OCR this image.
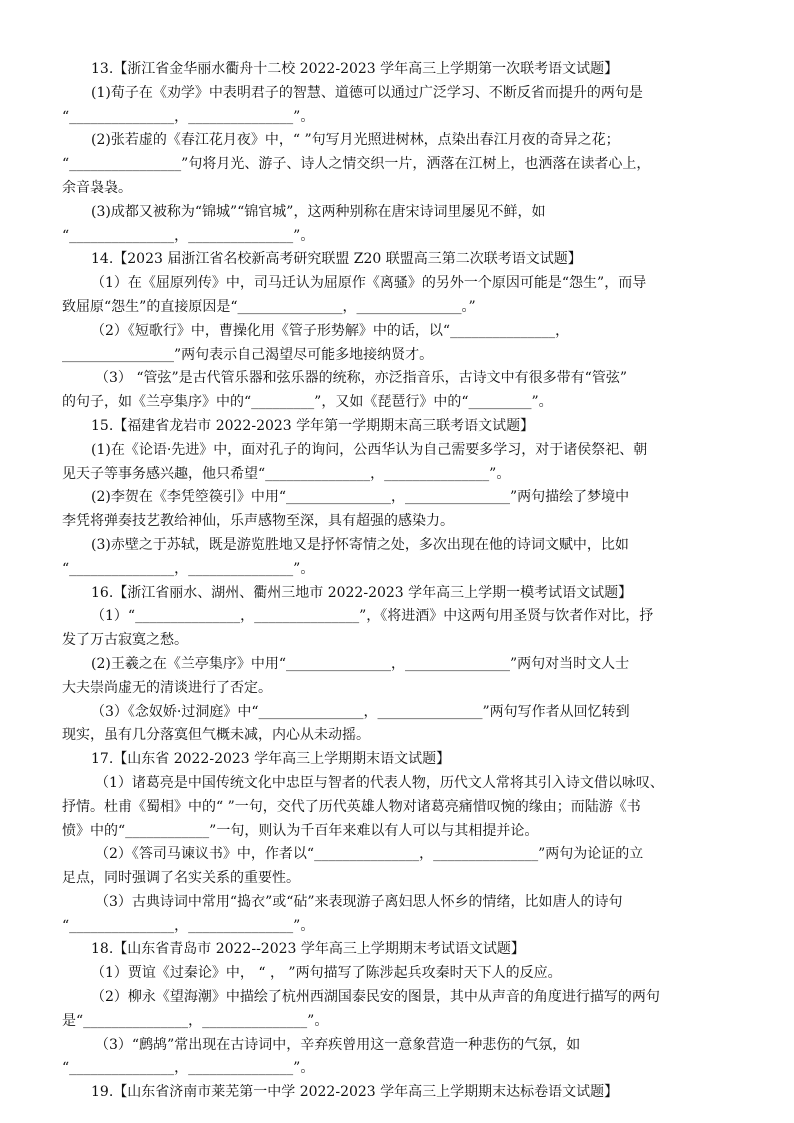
13.【浙江省金华丽水衢舟十二校 2022-2023 学年高三上学期第一次联考语文试题】
(1)荀子在《劝学》中表明君子的智慧、道德可以通过广泛学习、不断反省而提升的两句是
“_______________，_______________”。
(2)张若虚的《春江花月夜》中，“ ”句写月光照进树林，点染出春江月夜的奇异之花；
“________________”句将月光、游子、诗人之情交织一片，洒落在江树上，也洒落在读者心上，
余音袅袅。
(3)成都又被称为“锦城”“锦官城”，这两种别称在唐宋诗词里屡见不鲜，如
“_______________，_______________”。
14.【2023 届浙江省名校新高考研究联盟 Z20 联盟高三第二次联考语文试题】
（1）在《屈原列传》中，司马迁认为屈原作《离骚》的另外一个原因可能是“怨生”，而导
致屈原“怨生”的直接原因是“_______________，_______________。”
（2）《短歌行》中，曹操化用《管子形势解》中的话，以“_______________，
________________”两句表示自己渴望尽可能多地接纳贤才。
（3） “管弦”是古代管乐器和弦乐器的统称，亦泛指音乐，古诗文中有很多带有“管弦”
的句子，如《兰亭集序》中的“_________”，又如《琵琶行》中的“_________”。
15.【福建省龙岩市 2022-2023 学年第一学期期末高三联考语文试题】
(1)在《论语·先进》中，面对孔子的询问，公西华认为自己需要多学习，对于诸侯祭祀、朝
见天子等事务感兴趣，他只希望“_______________，_______________”。
(2)李贺在《李凭箜篌引》中用“_______________，_______________”两句描绘了梦境中
李凭将弹奏技艺教给神仙，乐声感物至深，具有超强的感染力。
(3)赤壁之于苏轼，既是游览胜地又是抒怀寄情之处，多次出现在他的诗词文赋中，比如
“_______________，_______________”。
16.【浙江省丽水、湖州、衢州三地市 2022-2023 学年高三上学期一模考试语文试题】
（1）“_______________，_______________”，《将进酒》中这两句用圣贤与饮者作对比，抒
发了万古寂寞之愁。
(2)王羲之在《兰亭集序》中用“_______________，_______________”两句对当时文人士
大夫崇尚虚无的清谈进行了否定。
（3）《念奴娇·过洞庭》中“_______________，_______________”两句写作者从回忆转到
现实，虽有几分落寞但气概未减，内心从未动摇。
17.【山东省 2022-2023 学年高三上学期期末语文试题】
（1）诸葛亮是中国传统文化中忠臣与智者的代表人物，历代文人常将其引入诗文借以咏叹、
抒情。杜甫《蜀相》中的“ ”一句，交代了历代英雄人物对诸葛亮痛惜叹惋的缘由；而陆游《书
愤》中的“____________”一句，则认为千百年来难以有人可以与其相提并论。
（2）《答司马谏议书》中，作者以“_______________，_______________”两句为论证的立
足点，同时强调了名实关系的重要性。
（3）古典诗词中常用“捣衣”或“砧”来表现游子离妇思人怀乡的情绪，比如唐人的诗句
“_______________，_______________”。
18.【山东省青岛市 2022--2023 学年高三上学期期末考试语文试题】
（1）贾谊《过秦论》中， “ ， ”两句描写了陈涉起兵攻秦时天下人的反应。
（2）柳永《望海潮》中描绘了杭州西湖国泰民安的图景，其中从声音的角度进行描写的两句
是“_______________，_______________”。
（3）“鹧鸪”常出现在古诗词中，辛弃疾曾用这一意象营造一种悲伤的气氛，如
“_______________，_______________”。
19.【山东省济南市莱芜第一中学 2022-2023 学年高三上学期期末达标卷语文试题】
